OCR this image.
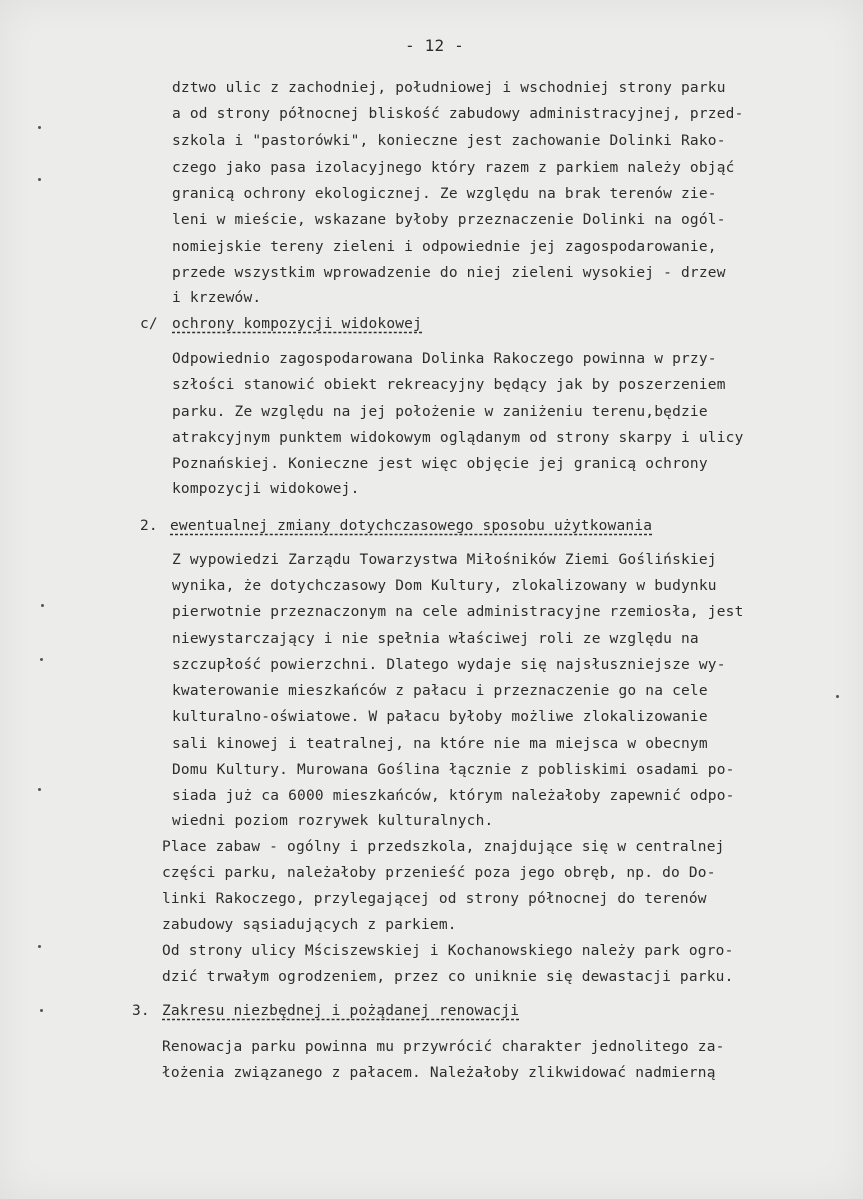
- 12 -
dztwo ulic z zachodniej, południowej i wschodniej strony parku
a od strony północnej bliskość zabudowy administracyjnej, przed-
szkola i "pastorówki", konieczne jest zachowanie Dolinki Rako-
czego jako pasa izolacyjnego który razem z parkiem należy objąć
granicą ochrony ekologicznej. Ze względu na brak terenów zie-
leni w mieście, wskazane byłoby przeznaczenie Dolinki na ogól-
nomiejskie tereny zieleni i odpowiednie jej zagospodarowanie,
przede wszystkim wprowadzenie do niej zieleni wysokiej - drzew
i krzewów.
c/ ochrony kompozycji widokowej
Odpowiednio zagospodarowana Dolinka Rakoczego powinna w przy-
szłości stanowić obiekt rekreacyjny będący jak by poszerzeniem
parku. Ze względu na jej położenie w zaniżeniu terenu,będzie
atrakcyjnym punktem widokowym oglądanym od strony skarpy i ulicy
Poznańskiej. Konieczne jest więc objęcie jej granicą ochrony
kompozycji widokowej.
2. ewentualnej zmiany dotychczasowego sposobu użytkowania
Z wypowiedzi Zarządu Towarzystwa Miłośników Ziemi Goślińskiej
wynika, że dotychczasowy Dom Kultury, zlokalizowany w budynku
pierwotnie przeznaczonym na cele administracyjne rzemiosła, jest
niewystarczający i nie spełnia właściwej roli ze względu na
szczupłość powierzchni. Dlatego wydaje się najsłuszniejsze wy-
kwaterowanie mieszkańców z pałacu i przeznaczenie go na cele
kulturalno-oświatowe. W pałacu byłoby możliwe zlokalizowanie
sali kinowej i teatralnej, na które nie ma miejsca w obecnym
Domu Kultury. Murowana Goślina łącznie z pobliskimi osadami po-
siada już ca 6000 mieszkańców, którym należałoby zapewnić odpo-
wiedni poziom rozrywek kulturalnych.
Place zabaw - ogólny i przedszkola, znajdujące się w centralnej
części parku, należałoby przenieść poza jego obręb, np. do Do-
linki Rakoczego, przylegającej od strony północnej do terenów
zabudowy sąsiadujących z parkiem.
Od strony ulicy Mściszewskiej i Kochanowskiego należy park ogro-
dzić trwałym ogrodzeniem, przez co uniknie się dewastacji parku.
3. Zakresu niezbędnej i pożądanej renowacji
Renowacja parku powinna mu przywrócić charakter jednolitego za-
łożenia związanego z pałacem. Należałoby zlikwidować nadmierną
